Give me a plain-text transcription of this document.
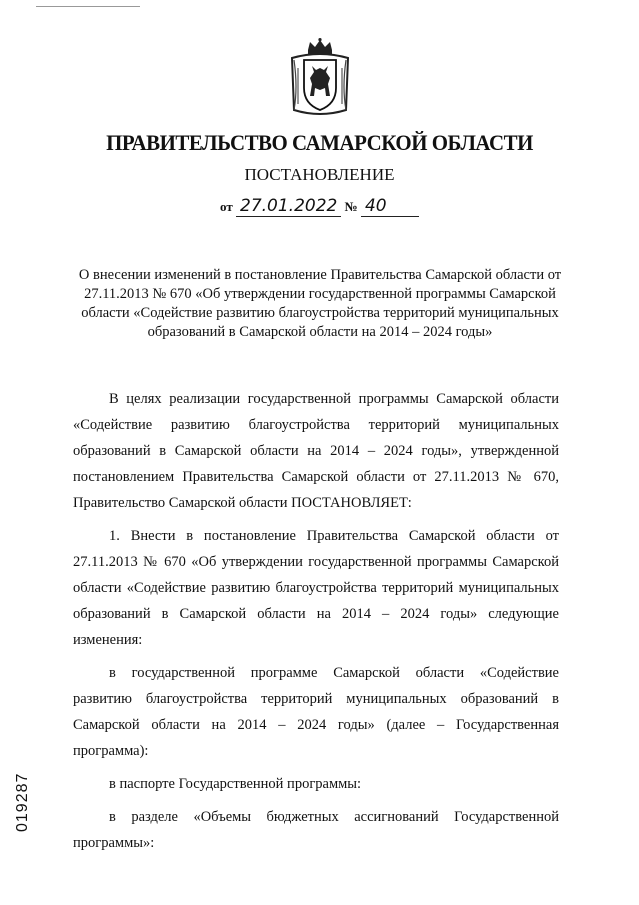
ПРАВИТЕЛЬСТВО САМАРСКОЙ ОБЛАСТИ
ПОСТАНОВЛЕНИЕ
от 27.01.2022 № 40
О внесении изменений в постановление Правительства Самарской области от 27.11.2013 № 670 «Об утверждении государственной программы Самарской области «Содействие развитию благоустройства территорий муниципальных образований в Самарской области на 2014 – 2024 годы»

В целях реализации государственной программы Самарской области «Содействие развитию благоустройства территорий муниципальных образований в Самарской области на 2014 – 2024 годы», утвержденной постановлением Правительства Самарской области от 27.11.2013 № 670, Правительство Самарской области ПОСТАНОВЛЯЕТ:

1. Внести в постановление Правительства Самарской области от 27.11.2013 № 670 «Об утверждении государственной программы Самарской области «Содействие развитию благоустройства территорий муниципальных образований в Самарской области на 2014 – 2024 годы» следующие изменения:

в государственной программе Самарской области «Содействие развитию благоустройства территорий муниципальных образований в Самарской области на 2014 – 2024 годы» (далее – Государственная программа):

в паспорте Государственной программы:

в разделе «Объемы бюджетных ассигнований Государственной программы»:

019287
